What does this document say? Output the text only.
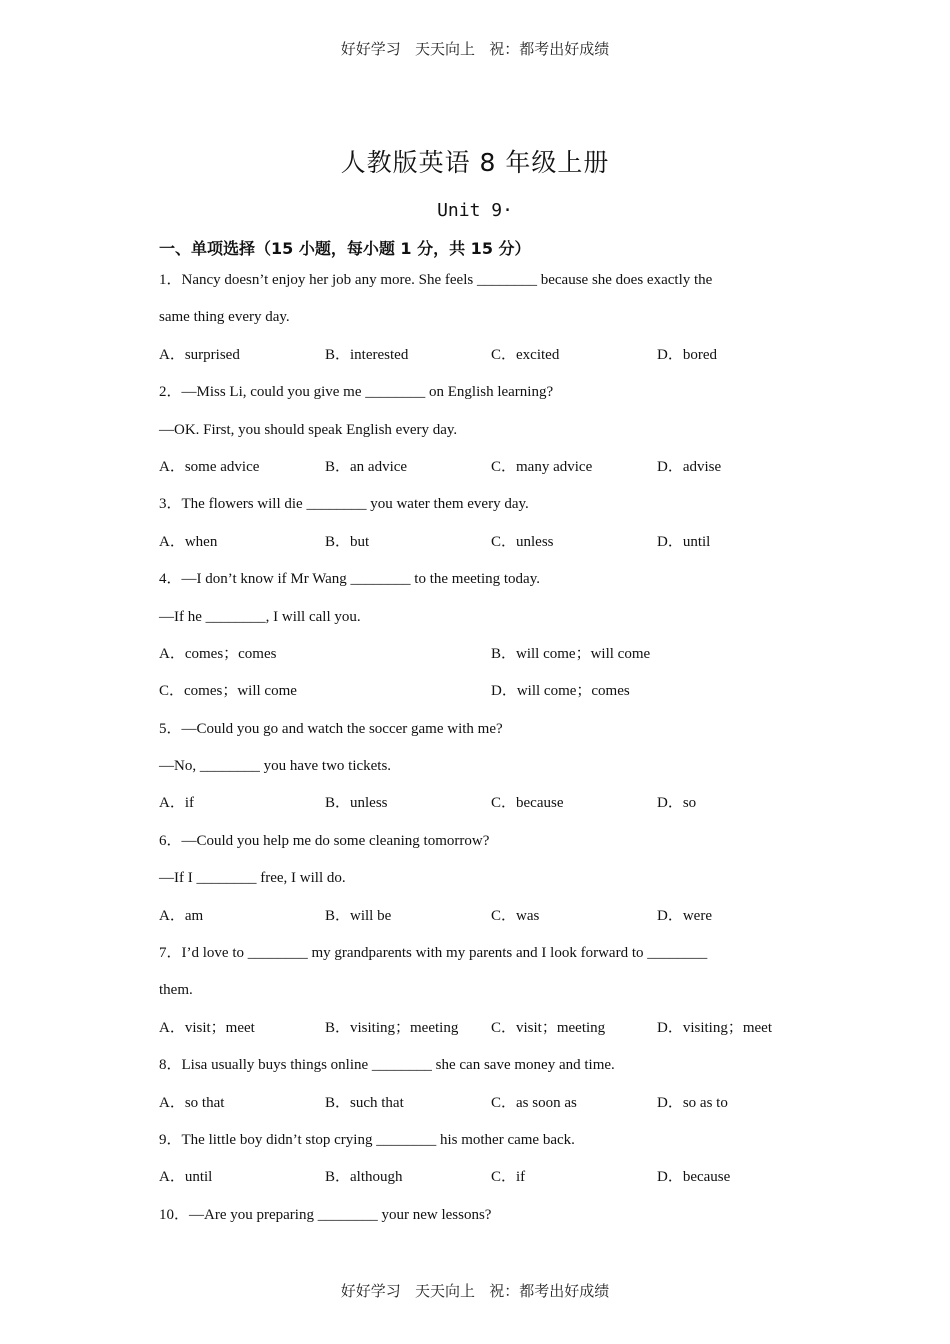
好好学习   天天向上   祝：都考出好成绩
人教版英语 8 年级上册
Unit 9·
一、单项选择（15 小题，每小题 1 分，共 15 分）
1．Nancy doesn’t enjoy her job any more. She feels ________ because she does exactly the
same thing every day.
A．surprised	B．interested	C．excited	D．bored
2．—Miss Li, could you give me ________ on English learning?
—OK. First, you should speak English every day.
A．some advice	B．an advice	C．many advice	D．advise
3．The flowers will die ________ you water them every day.
A．when	B．but	C．unless	D．until
4．—I don’t know if Mr Wang ________ to the meeting today.
—If he ________, I will call you.
A．comes；comes	B．will come；will come
C．comes；will come	D．will come；comes
5．—Could you go and watch the soccer game with me?
—No, ________ you have two tickets.
A．if	B．unless	C．because	D．so
6．—Could you help me do some cleaning tomorrow?
—If I ________ free, I will do.
A．am	B．will be	C．was	D．were
7．I’d love to ________ my grandparents with my parents and I look forward to ________
them.
A．visit；meet	B．visiting；meeting C．visit；meeting	D．visiting；meet
8．Lisa usually buys things online ________ she can save money and time.
A．so that	B．such that	C．as soon as	D．so as to
9．The little boy didn’t stop crying ________ his mother came back.
A．until	B．although	C．if	D．because
10．—Are you preparing ________ your new lessons?
好好学习   天天向上   祝：都考出好成绩
